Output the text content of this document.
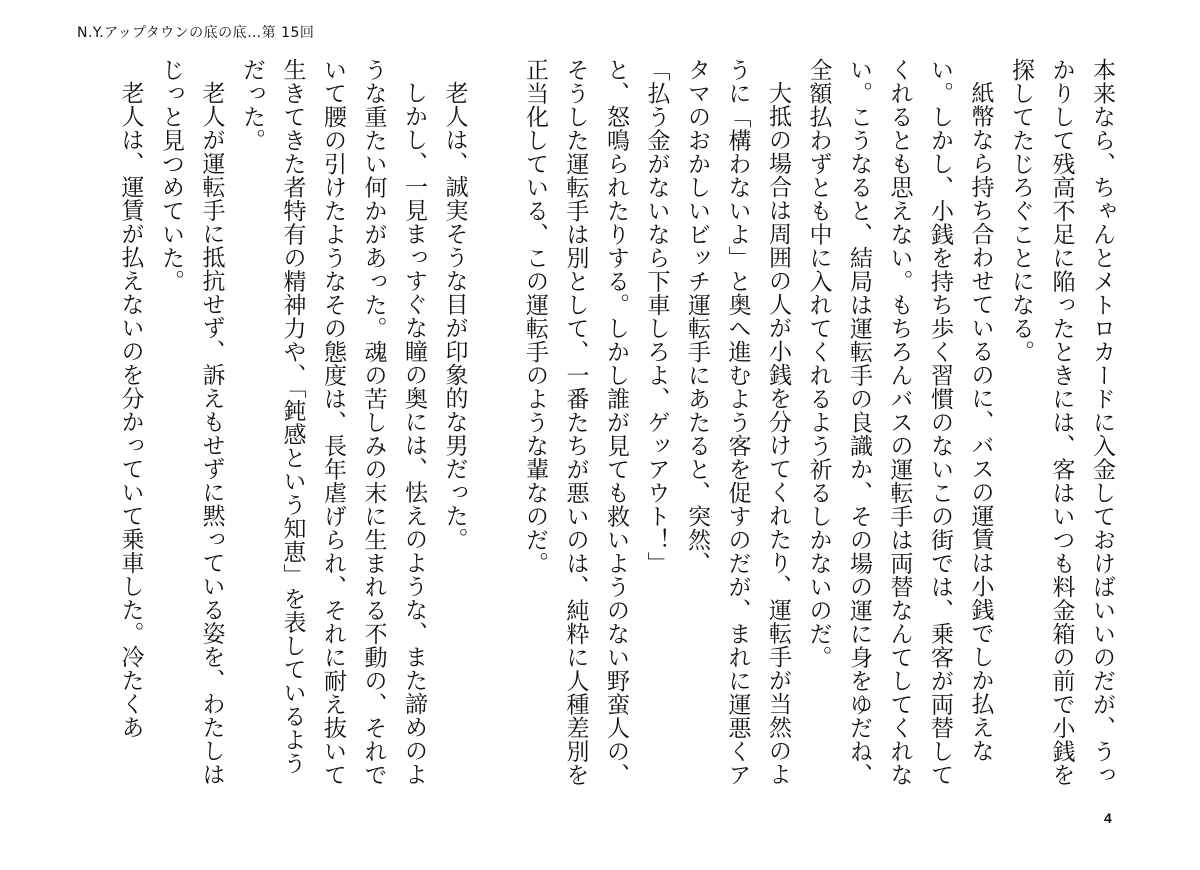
N.Y.アップタウンの底の底…第 15回

本来なら、ちゃんとメトロカードに入金しておけばいいのだが、うっかりして残高不足に陥ったときには、客はいつも料金箱の前で小銭を探してたじろぐことになる。

紙幣なら持ち合わせているのに、バスの運賃は小銭でしか払えない。しかし、小銭を持ち歩く習慣のないこの街では、乗客が両替してくれるとも思えない。もちろんバスの運転手は両替なんてしてくれない。こうなると、結局は運転手の良識か、その場の運に身をゆだね、全額払わずとも中に入れてくれるよう祈るしかないのだ。

大抵の場合は周囲の人が小銭を分けてくれたり、運転手が当然のように「構わないよ」と奥へ進むよう客を促すのだが、まれに運悪くアタマのおかしいビッチ運転手にあたると、突然、

「払う金がないなら下車しろよ、ゲッアウト！」

と、怒鳴られたりする。しかし誰が見ても救いようのない野蛮人の、そうした運転手は別として、一番たちが悪いのは、純粋に人種差別を正当化している、この運転手のような輩なのだ。

老人は、誠実そうな目が印象的な男だった。

しかし、一見まっすぐな瞳の奥には、怯えのような、また諦めのような重たい何かがあった。魂の苦しみの末に生まれる不動の、それでいて腰の引けたようなその態度は、長年虐げられ、それに耐え抜いて生きてきた者特有の精神力や、「鈍感という知恵」を表しているようだった。

老人が運転手に抵抗せず、訴えもせずに黙っている姿を、わたしはじっと見つめていた。

老人は、運賃が払えないのを分かっていて乗車した。冷たくあ

4
